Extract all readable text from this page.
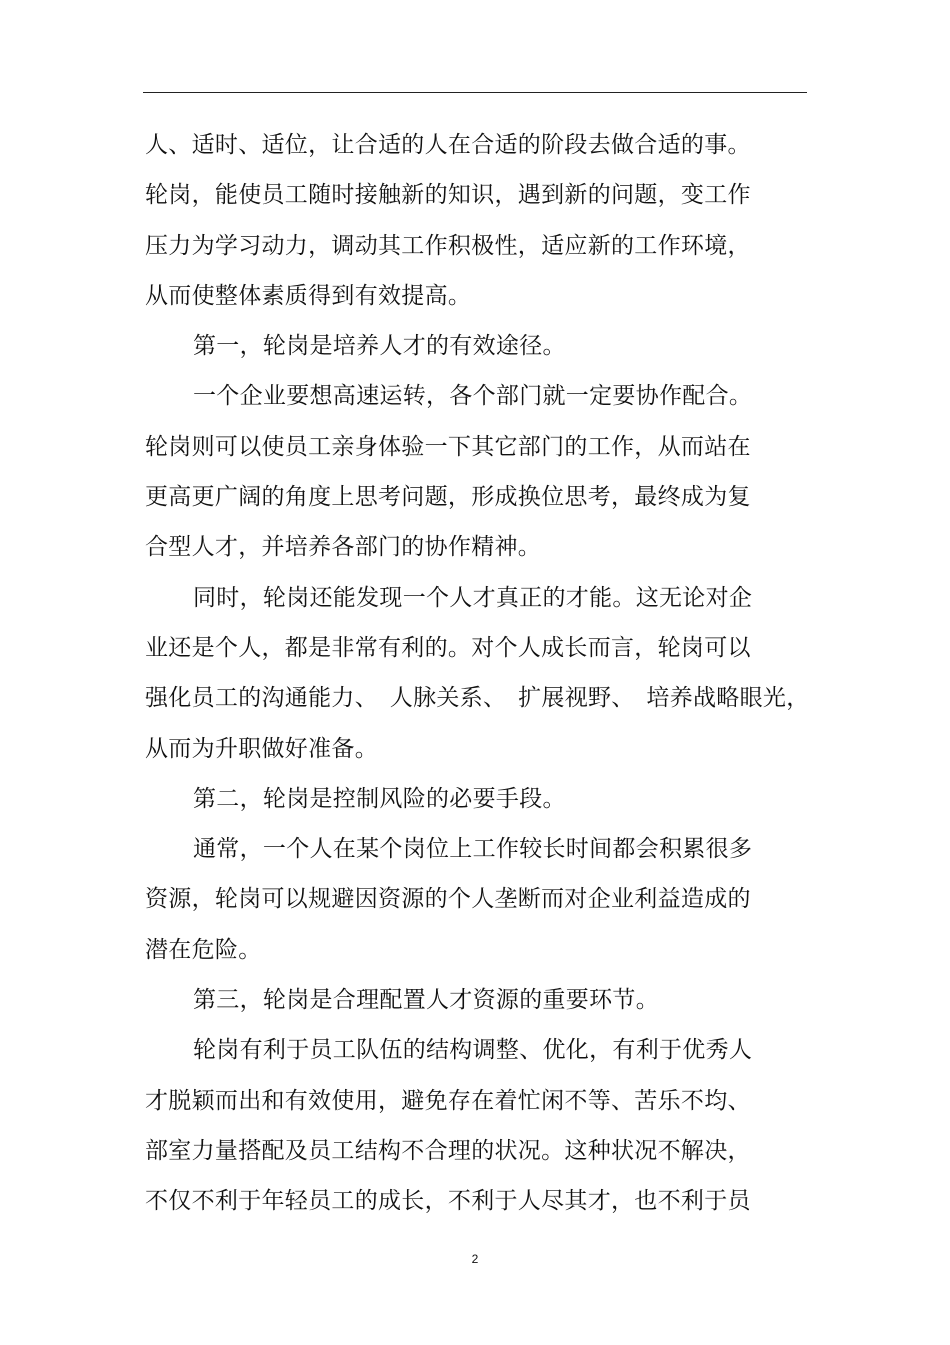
人、适时、适位，让合适的人在合适的阶段去做合适的事。
轮岗，能使员工随时接触新的知识，遇到新的问题，变工作
压力为学习动力，调动其工作积极性，适应新的工作环境，
从而使整体素质得到有效提高。
第一，轮岗是培养人才的有效途径。
一个企业要想高速运转，各个部门就一定要协作配合。
轮岗则可以使员工亲身体验一下其它部门的工作，从而站在
更高更广阔的角度上思考问题，形成换位思考，最终成为复
合型人才，并培养各部门的协作精神。
同时，轮岗还能发现一个人才真正的才能。这无论对企
业还是个人，都是非常有利的。对个人成长而言，轮岗可以
强化员工的沟通能力、　人脉关系、　扩展视野、　培养战略眼光，
从而为升职做好准备。
第二，轮岗是控制风险的必要手段。
通常，一个人在某个岗位上工作较长时间都会积累很多
资源，轮岗可以规避因资源的个人垄断而对企业利益造成的
潜在危险。
第三，轮岗是合理配置人才资源的重要环节。
轮岗有利于员工队伍的结构调整、优化，有利于优秀人
才脱颖而出和有效使用，避免存在着忙闲不等、苦乐不均、
部室力量搭配及员工结构不合理的状况。这种状况不解决，
不仅不利于年轻员工的成长，不利于人尽其才，也不利于员
2
